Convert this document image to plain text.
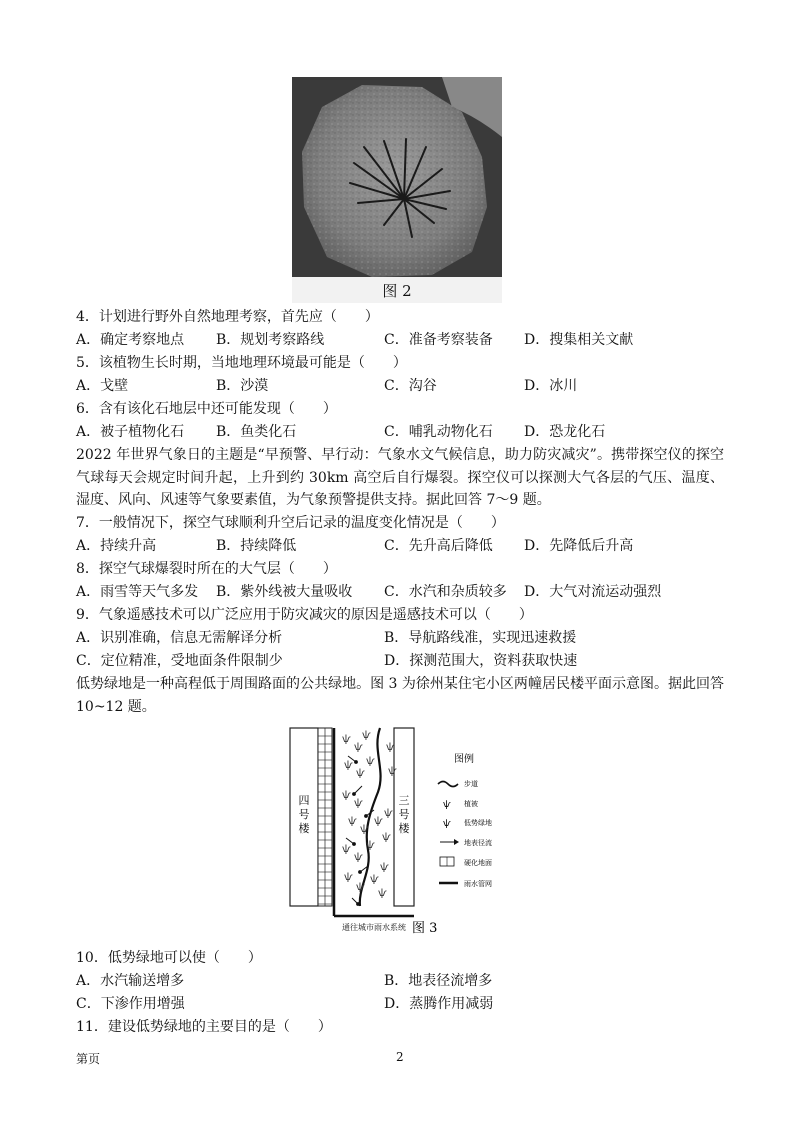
图 2
4．计划进行野外自然地理考察，首先应（　　）
A．确定考察地点 B．规划考察路线	C．准备考察装备 D．搜集相关文献
5．该植物生长时期，当地地理环境最可能是（　　）
A．戈壁	B．沙漠	C．沟谷	D．冰川
6．含有该化石地层中还可能发现（　　）
A．被子植物化石 B．鱼类化石	C．哺乳动物化石 D．恐龙化石
2022 年世界气象日的主题是“早预警、早行动：气象水文气候信息，助力防灾减灾”。携带探空仪的探空气球每天会规定时间升起，上升到约 30km 高空后自行爆裂。探空仪可以探测大气各层的气压、温度、湿度、风向、风速等气象要素值，为气象预警提供支持。据此回答 7～9 题。
7．一般情况下，探空气球顺利升空后记录的温度变化情况是（　　）
A．持续升高	B．持续降低	C．先升高后降低 D．先降低后升高
8．探空气球爆裂时所在的大气层（　　）
A．雨雪等天气多发 B．紫外线被大量吸收 C．水汽和杂质较多 D．大气对流运动强烈
9．气象遥感技术可以广泛应用于防灾减灾的原因是遥感技术可以（　　）
A．识别准确，信息无需解译分析	B．导航路线准，实现迅速救援
C．定位精准，受地面条件限制少	D．探测范围大，资料获取快速
低势绿地是一种高程低于周围路面的公共绿地。图 3 为徐州某住宅小区两幢居民楼平面示意图。据此回答 10~12 题。
四号楼
三号楼
ѱ
ѱ
ѱ
ѱ
ѱ
ѱ
ѱ
ѱ
ѱ
ѱ
ѱ
ѱ
ѱ
ѱ
ѱ
ѱ
ѱ
ѱ
ѱ
ѱ
ѱ
ѱ
ѱ
通往城市雨水系统
图例
步道
ѱ 植被
ѱ 低势绿地
地表径流
硬化地面
雨水管网
图 3
10．低势绿地可以使（　　）
A．水汽输送增多	B．地表径流增多
C．下渗作用增强	D．蒸腾作用减弱
11．建设低势绿地的主要目的是（　　）
第页	2
